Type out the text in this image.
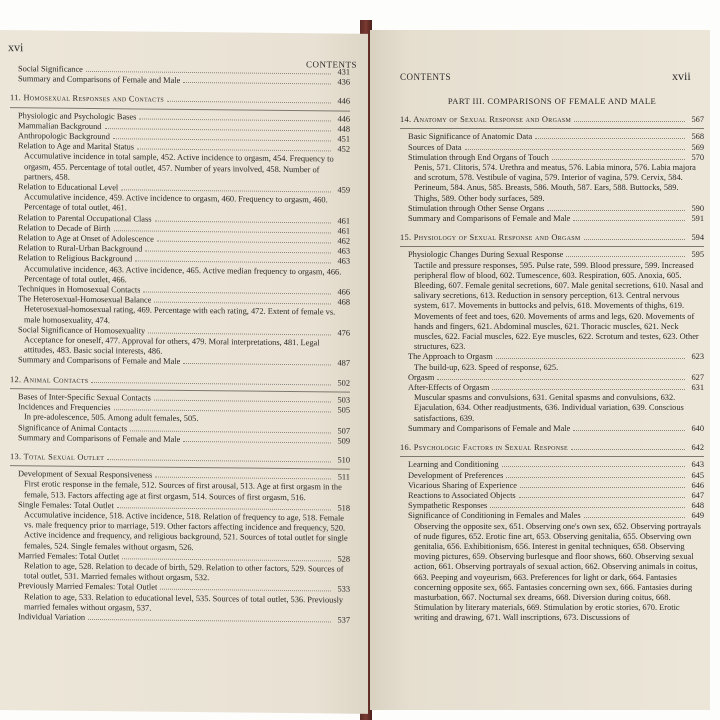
xvi
CONTENTS
Social Significance	431
Summary and Comparisons of Female and Male	436
11. Homosexual Responses and Contacts	446
Physiologic and Psychologic Bases	446
Mammalian Background	448
Anthropologic Background	451
Relation to Age and Marital Status	452
Accumulative incidence in total sample, 452. Active incidence to orgasm, 454. Frequency to orgasm, 455. Percentage of total outlet, 457. Number of years involved, 458. Number of partners, 458.
Relation to Educational Level	459
Accumulative incidence, 459. Active incidence to orgasm, 460. Frequency to orgasm, 460. Percentage of total outlet, 461.
Relation to Parental Occupational Class	461
Relation to Decade of Birth	461
Relation to Age at Onset of Adolescence	462
Relation to Rural-Urban Background	463
Relation to Religious Background	463
Accumulative incidence, 463. Active incidence, 465. Active median frequency to orgasm, 466. Percentage of total outlet, 466.
Techniques in Homosexual Contacts	466
The Heterosexual-Homosexual Balance	468
Heterosexual-homosexual rating, 469. Percentage with each rating, 472. Extent of female vs. male homosexuality, 474.
Social Significance of Homosexuality	476
Acceptance for oneself, 477. Approval for others, 479. Moral interpretations, 481. Legal attitudes, 483. Basic social interests, 486.
Summary and Comparisons of Female and Male	487
12. Animal Contacts	502
Bases of Inter-Specific Sexual Contacts	503
Incidences and Frequencies	505
In pre-adolescence, 505. Among adult females, 505.
Significance of Animal Contacts	507
Summary and Comparisons of Female and Male	509
13. Total Sexual Outlet	510
Development of Sexual Responsiveness	511
First erotic response in the female, 512. Sources of first arousal, 513. Age at first orgasm in the female, 513. Factors affecting age at first orgasm, 514. Sources of first orgasm, 516.
Single Females: Total Outlet	518
Accumulative incidence, 518. Active incidence, 518. Relation of frequency to age, 518. Female vs. male frequency prior to marriage, 519. Other factors affecting incidence and frequency, 520. Active incidence and frequency, and religious background, 521. Sources of total outlet for single females, 524. Single females without orgasm, 526.
Married Females: Total Outlet	528
Relation to age, 528. Relation to decade of birth, 529. Relation to other factors, 529. Sources of total outlet, 531. Married females without orgasm, 532.
Previously Married Females: Total Outlet	533
Relation to age, 533. Relation to educational level, 535. Sources of total outlet, 536. Previously married females without orgasm, 537.
Individual Variation	537
CONTENTS	xvii
PART III. COMPARISONS OF FEMALE AND MALE
14. Anatomy of Sexual Response and Orgasm	567
Basic Significance of Anatomic Data	568
Sources of Data	569
Stimulation through End Organs of Touch	570
Penis, 571. Clitoris, 574. Urethra and meatus, 576. Labia minora, 576. Labia majora and scrotum, 578. Vestibule of vagina, 579. Interior of vagina, 579. Cervix, 584. Perineum, 584. Anus, 585. Breasts, 586. Mouth, 587. Ears, 588. Buttocks, 589. Thighs, 589. Other body surfaces, 589.
Stimulation through Other Sense Organs	590
Summary and Comparisons of Female and Male	591
15. Physiology of Sexual Response and Orgasm	594
Physiologic Changes During Sexual Response	595
Tactile and pressure responses, 595. Pulse rate, 599. Blood pressure, 599. Increased peripheral flow of blood, 602. Tumescence, 603. Respiration, 605. Anoxia, 605. Bleeding, 607. Female genital secretions, 607. Male genital secretions, 610. Nasal and salivary secretions, 613. Reduction in sensory perception, 613. Central nervous system, 617. Movements in buttocks and pelvis, 618. Movements of thighs, 619. Movements of feet and toes, 620. Movements of arms and legs, 620. Movements of hands and fingers, 621. Abdominal muscles, 621. Thoracic muscles, 621. Neck muscles, 622. Facial muscles, 622. Eye muscles, 622. Scrotum and testes, 623. Other structures, 623.
The Approach to Orgasm	623
The build-up, 623. Speed of response, 625.
Orgasm	627
After-Effects of Orgasm	631
Muscular spasms and convulsions, 631. Genital spasms and convulsions, 632. Ejaculation, 634. Other readjustments, 636. Individual variation, 639. Conscious satisfactions, 639.
Summary and Comparisons of Female and Male	640
16. Psychologic Factors in Sexual Response	642
Learning and Conditioning	643
Development of Preferences	645
Vicarious Sharing of Experience	646
Reactions to Associated Objects	647
Sympathetic Responses	648
Significance of Conditioning in Females and Males	649
Observing the opposite sex, 651. Observing one's own sex, 652. Observing portrayals of nude figures, 652. Erotic fine art, 653. Observing genitalia, 655. Observing own genitalia, 656. Exhibitionism, 656. Interest in genital techniques, 658. Observing moving pictures, 659. Observing burlesque and floor shows, 660. Observing sexual action, 661. Observing portrayals of sexual action, 662. Observing animals in coitus, 663. Peeping and voyeurism, 663. Preferences for light or dark, 664. Fantasies concerning opposite sex, 665. Fantasies concerning own sex, 666. Fantasies during masturbation, 667. Nocturnal sex dreams, 668. Diversion during coitus, 668. Stimulation by literary materials, 669. Stimulation by erotic stories, 670. Erotic writing and drawing, 671. Wall inscriptions, 673. Discussions of
